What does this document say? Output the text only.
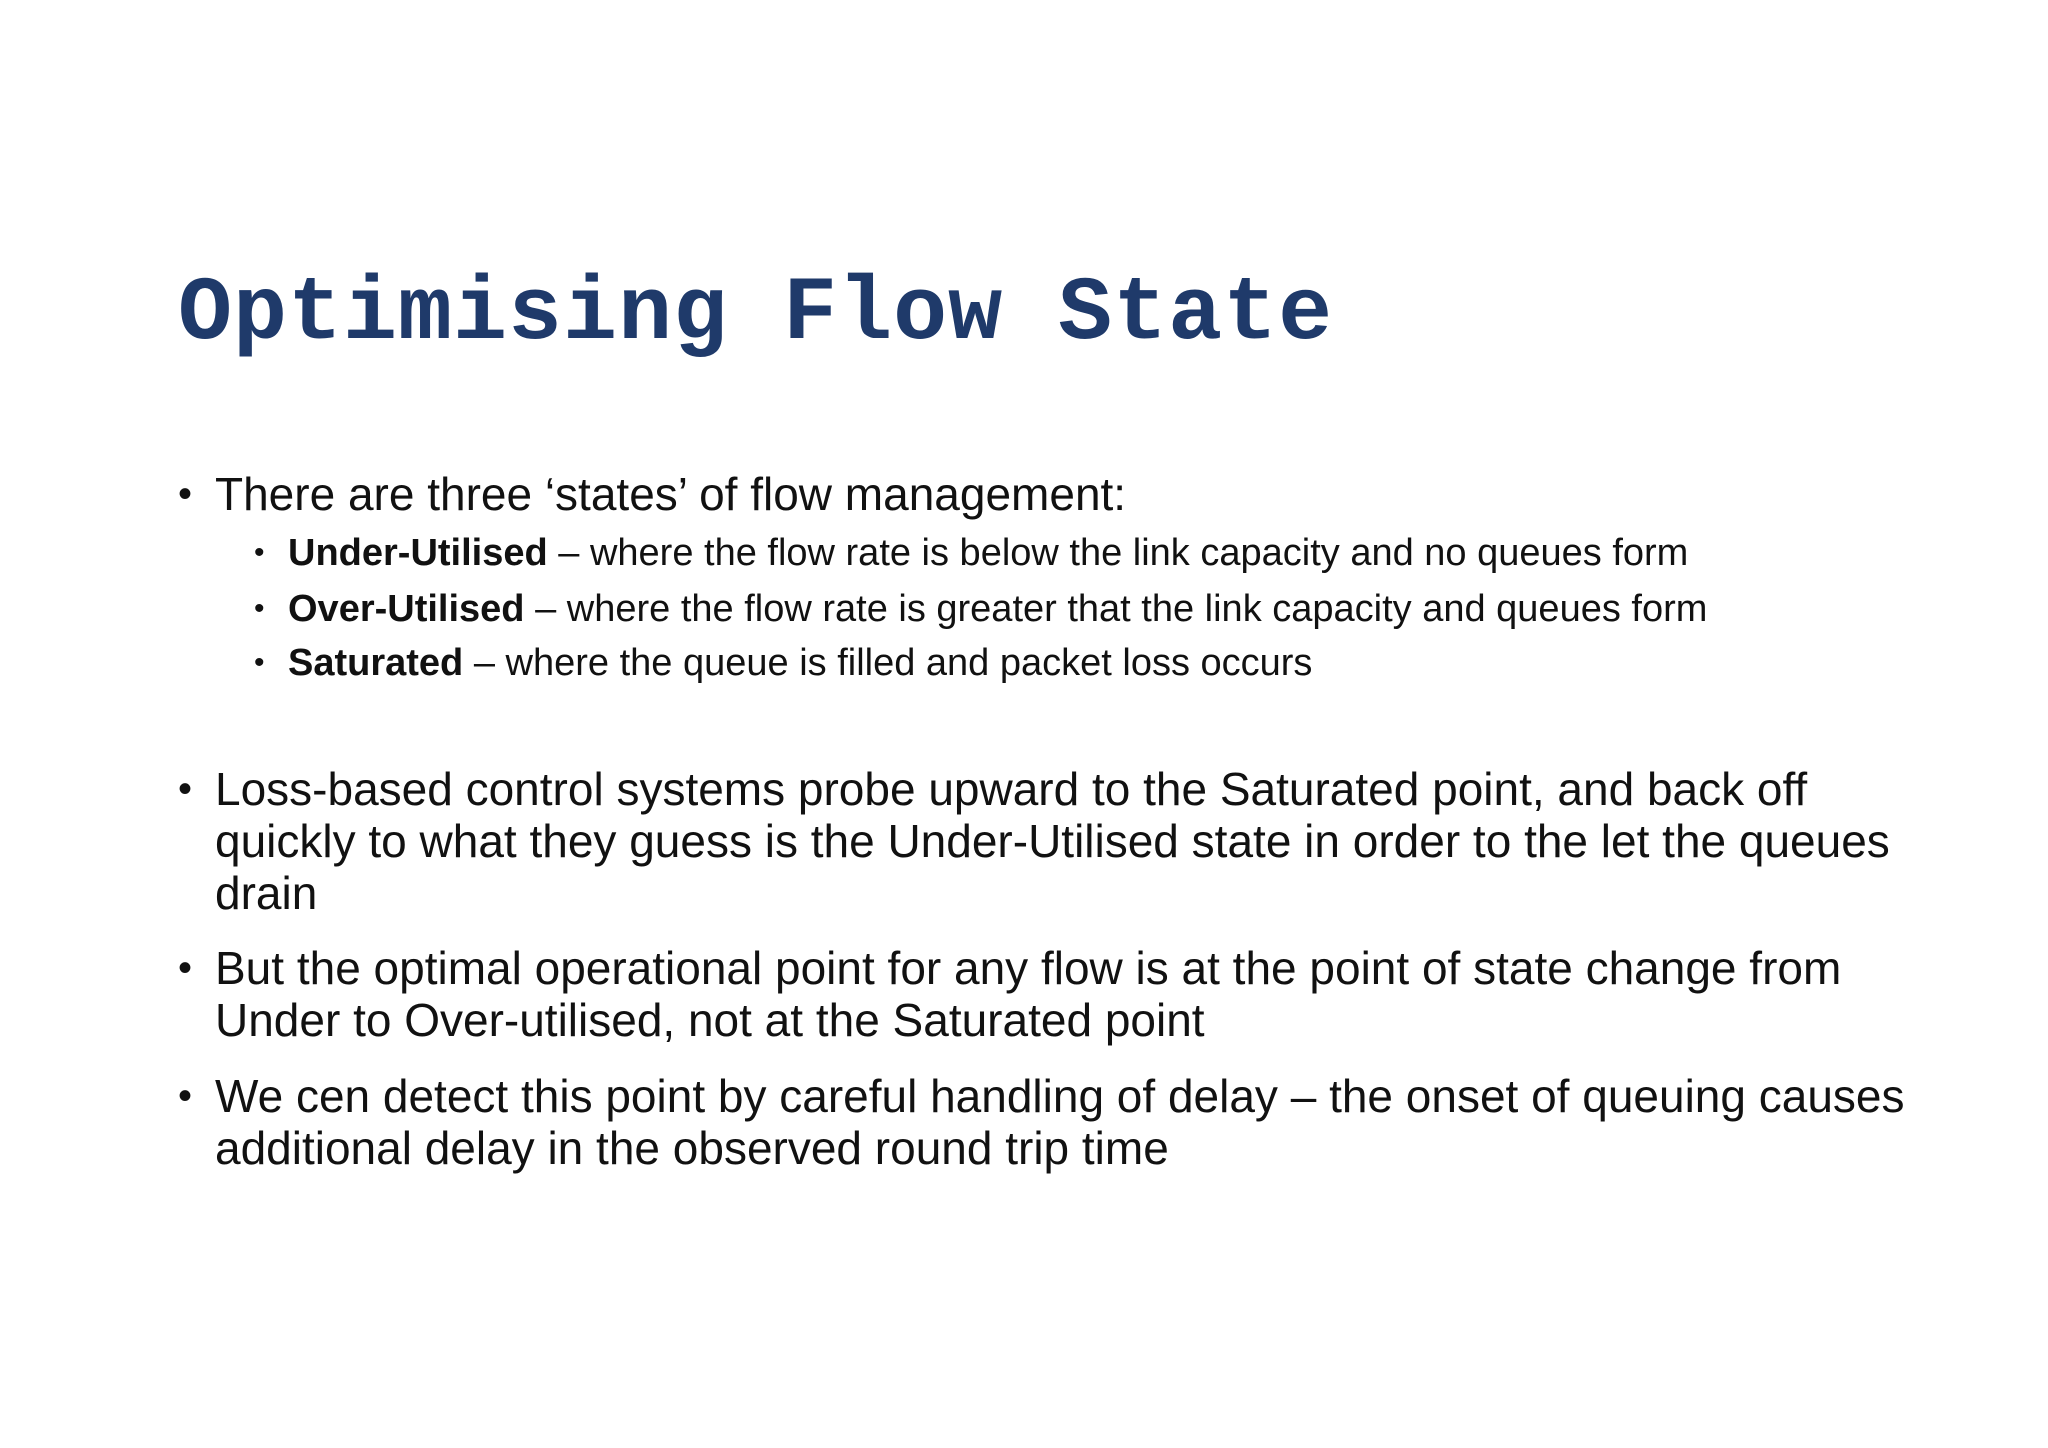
Optimising Flow State
• There are three ‘states’ of flow management:
• Under-Utilised – where the flow rate is below the link capacity and no queues form
• Over-Utilised – where the flow rate is greater that the link capacity and queues form
• Saturated – where the queue is filled and packet loss occurs
• Loss-based control systems probe upward to the Saturated point, and back off quickly to what they guess is the Under-Utilised state in order to the let the queues drain
• But the optimal operational point for any flow is at the point of state change from Under to Over-utilised, not at the Saturated point
• We cen detect this point by careful handling of delay – the onset of queuing causes additional delay in the observed round trip time
